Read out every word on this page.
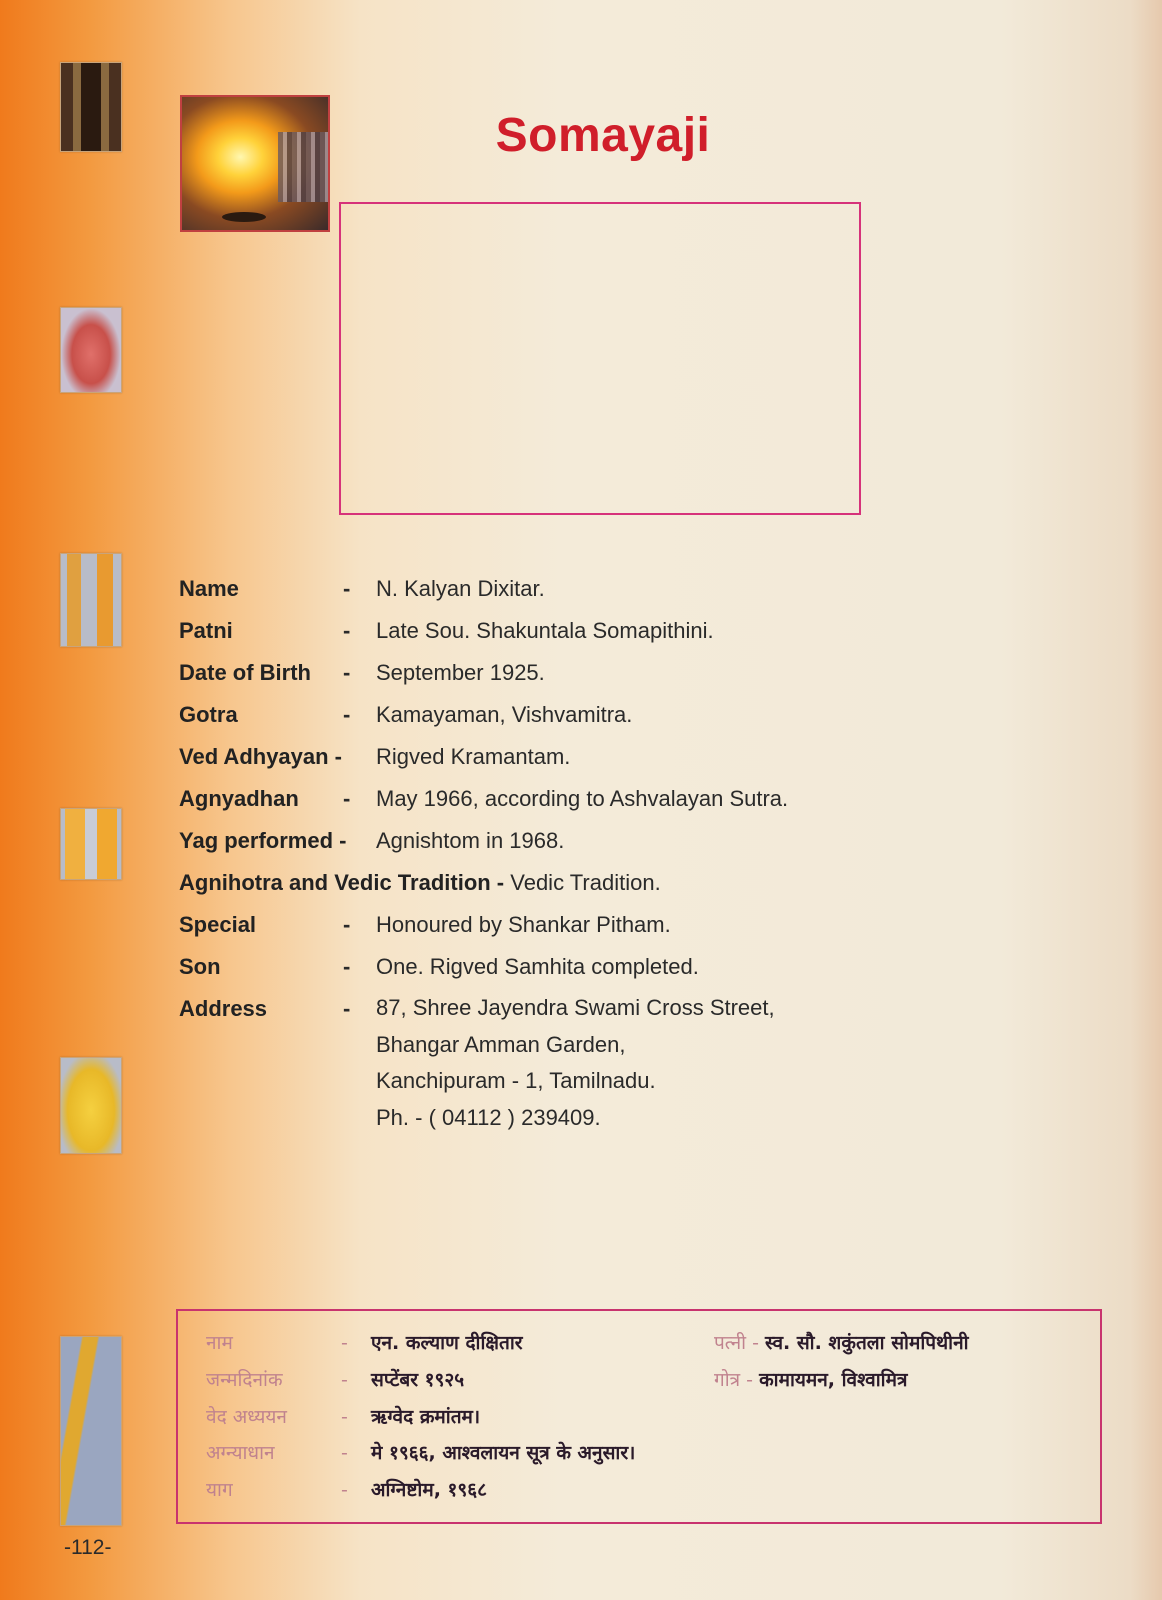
Somayaji
Name	- N. Kalyan Dixitar.
Patni	- Late Sou. Shakuntala Somapithini.
Date of Birth - September 1925.
Gotra	- Kamayaman, Vishvamitra.
Ved Adhyayan - Rigved Kramantam.
Agnyadhan - May 1966, according to Ashvalayan Sutra.
Yag performed - Agnishtom in 1968.
Agnihotra and Vedic Tradition - Vedic Tradition.
Special	- Honoured by Shankar Pitham.
Son	- One. Rigved Samhita completed.
Address	- 87, Shree Jayendra Swami Cross Street,
Bhangar Amman Garden,
Kanchipuram - 1, Tamilnadu.
Ph. - ( 04112 ) 239409.
नाम	- एन. कल्याण दीक्षितार
जन्मदिनांक	- सप्टेंबर १९२५
वेद अध्ययन	- ऋग्वेद क्रमांतम।
अग्न्याधान	- मे १९६६, आश्वलायन सूत्र के अनुसार।
याग	- अग्निष्टोम, १९६८
पत्नी - स्व. सौ. शकुंतला सोमपिथीनी
गोत्र - कामायमन, विश्वामित्र
-112-
